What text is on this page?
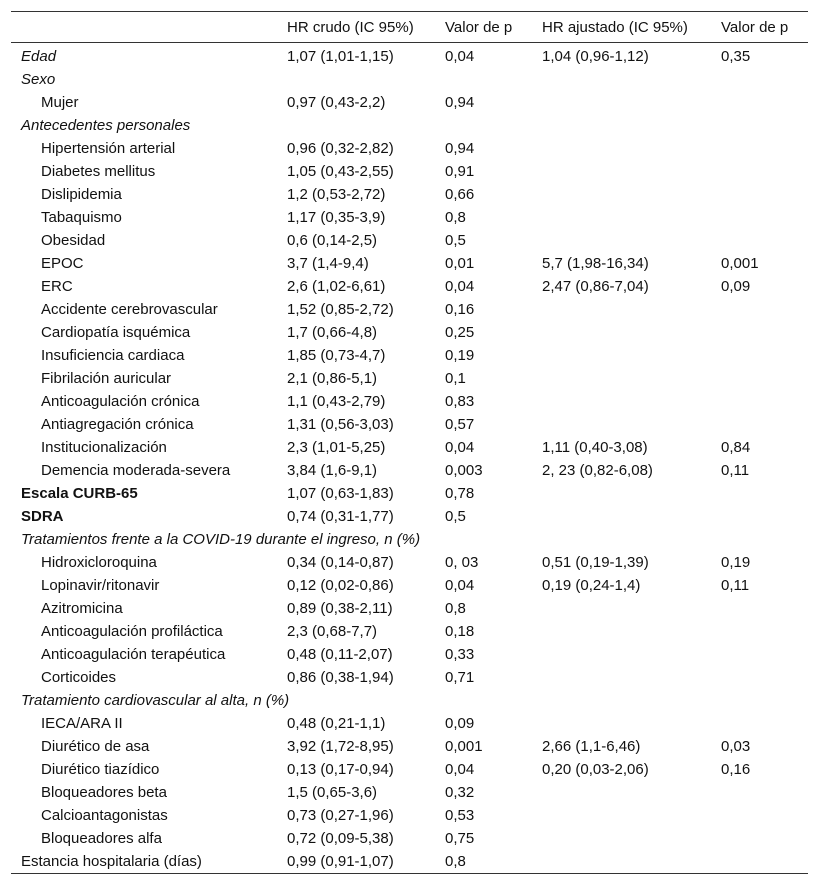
	HR crudo (IC 95%)	Valor de p	HR ajustado (IC 95%)	Valor de p
Edad	1,07 (1,01-1,15)	0,04	1,04 (0,96-1,12)	0,35
Sexo				
Mujer	0,97 (0,43-2,2)	0,94		
Antecedentes personales				
Hipertensión arterial	0,96 (0,32-2,82)	0,94		
Diabetes mellitus	1,05 (0,43-2,55)	0,91		
Dislipidemia	1,2 (0,53-2,72)	0,66		
Tabaquismo	1,17 (0,35-3,9)	0,8		
Obesidad	0,6 (0,14-2,5)	0,5		
EPOC	3,7 (1,4-9,4)	0,01	5,7 (1,98-16,34)	0,001
ERC	2,6 (1,02-6,61)	0,04	2,47 (0,86-7,04)	0,09
Accidente cerebrovascular	1,52 (0,85-2,72)	0,16		
Cardiopatía isquémica	1,7 (0,66-4,8)	0,25		
Insuficiencia cardiaca	1,85 (0,73-4,7)	0,19		
Fibrilación auricular	2,1 (0,86-5,1)	0,1		
Anticoagulación crónica	1,1 (0,43-2,79)	0,83		
Antiagregación crónica	1,31 (0,56-3,03)	0,57		
Institucionalización	2,3 (1,01-5,25)	0,04	1,11 (0,40-3,08)	0,84
Demencia moderada-severa	3,84 (1,6-9,1)	0,003	2, 23 (0,82-6,08)	0,11
Escala CURB-65	1,07 (0,63-1,83)	0,78		
SDRA	0,74 (0,31-1,77)	0,5		
Tratamientos frente a la COVID-19 durante el ingreso, n (%)				
Hidroxicloroquina	0,34 (0,14-0,87)	0, 03	0,51 (0,19-1,39)	0,19
Lopinavir/ritonavir	0,12 (0,02-0,86)	0,04	0,19 (0,24-1,4)	0,11
Azitromicina	0,89 (0,38-2,11)	0,8		
Anticoagulación profiláctica	2,3 (0,68-7,7)	0,18		
Anticoagulación terapéutica	0,48 (0,11-2,07)	0,33		
Corticoides	0,86 (0,38-1,94)	0,71		
Tratamiento cardiovascular al alta, n (%)				
IECA/ARA II	0,48 (0,21-1,1)	0,09		
Diurético de asa	3,92 (1,72-8,95)	0,001	2,66 (1,1-6,46)	0,03
Diurético tiazídico	0,13 (0,17-0,94)	0,04	0,20 (0,03-2,06)	0,16
Bloqueadores beta	1,5 (0,65-3,6)	0,32		
Calcioantagonistas	0,73 (0,27-1,96)	0,53		
Bloqueadores alfa	0,72 (0,09-5,38)	0,75		
Estancia hospitalaria (días)	0,99 (0,91-1,07)	0,8		
